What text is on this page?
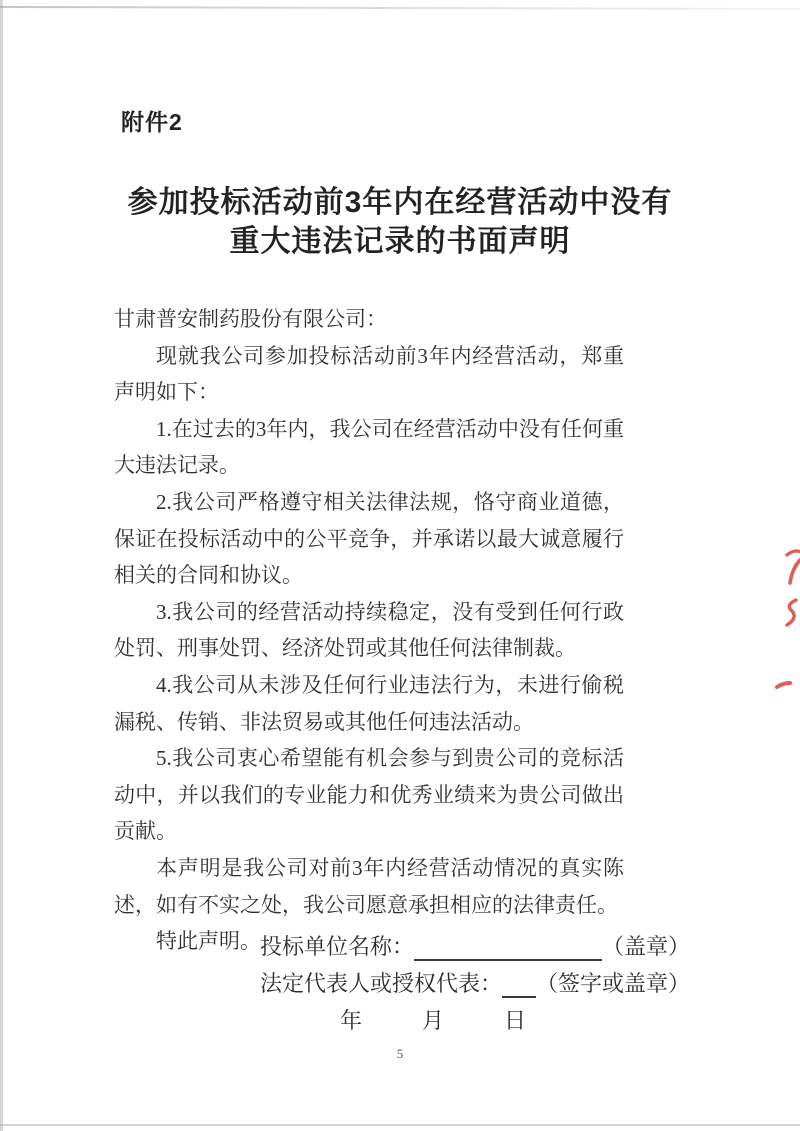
附件2
参加投标活动前3年内在经营活动中没有
重大违法记录的书面声明

甘肃普安制药股份有限公司：

现就我公司参加投标活动前3年内经营活动，郑重声明如下：

1.在过去的3年内，我公司在经营活动中没有任何重大违法记录。

2.我公司严格遵守相关法律法规，恪守商业道德，保证在投标活动中的公平竞争，并承诺以最大诚意履行相关的合同和协议。

3.我公司的经营活动持续稳定，没有受到任何行政处罚、刑事处罚、经济处罚或其他任何法律制裁。

4.我公司从未涉及任何行业违法行为，未进行偷税漏税、传销、非法贸易或其他任何违法活动。

5.我公司衷心希望能有机会参与到贵公司的竞标活动中，并以我们的专业能力和优秀业绩来为贵公司做出贡献。

本声明是我公司对前3年内经营活动情况的真实陈述，如有不实之处，我公司愿意承担相应的法律责任。

特此声明。 投标单位名称：	（盖章）
法定代表人或授权代表： （签字或盖章）
年	月	日
5
